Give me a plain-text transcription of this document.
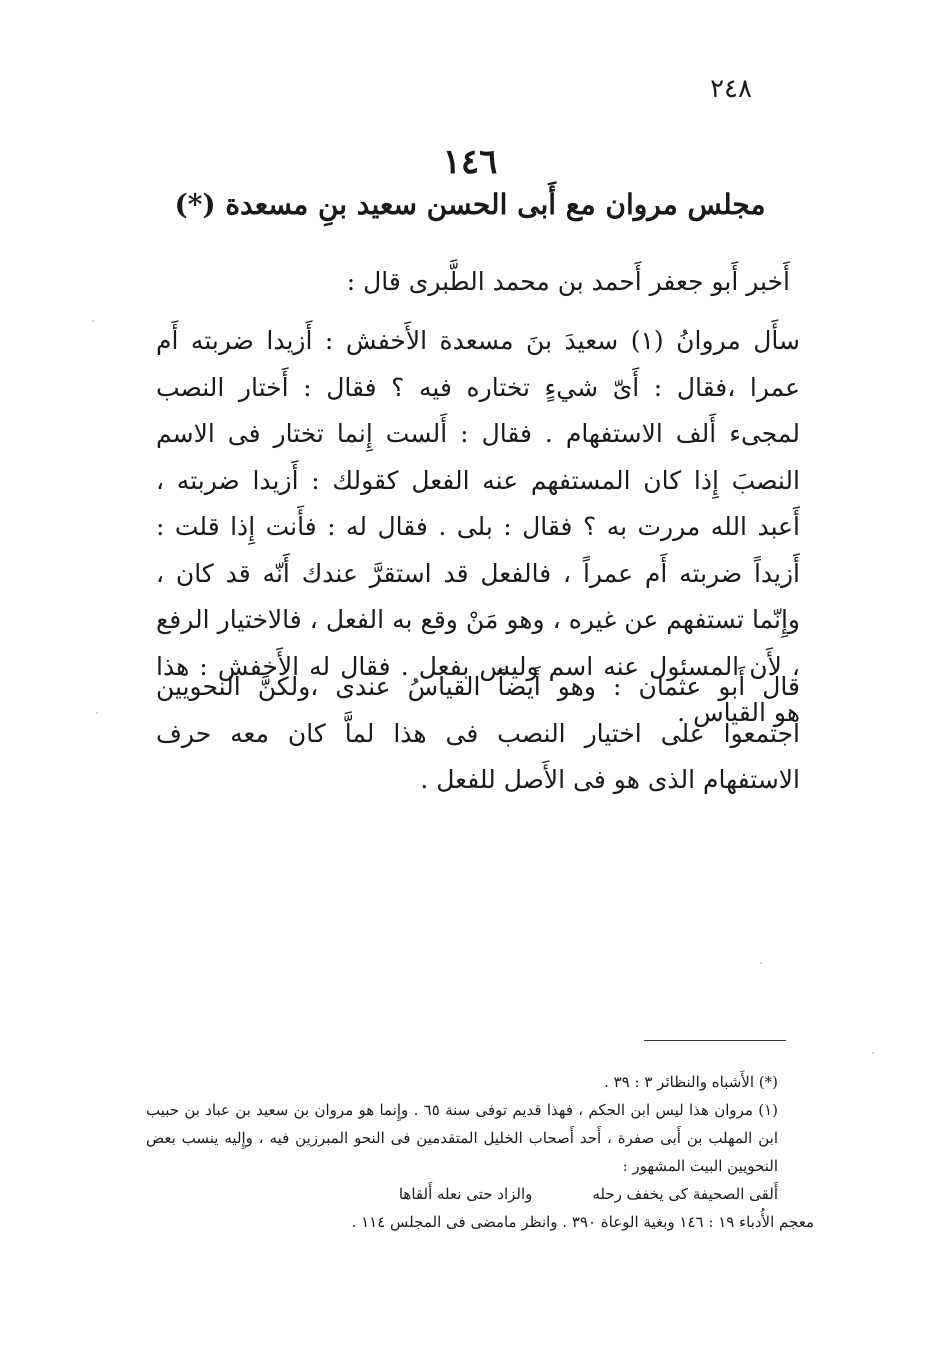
٢٤٨
١٤٦
مجلس مروان مع أَبى الحسن سعيد بنِ مسعدة (*)
أَخبر أَبو جعفر أَحمد بن محمد الطَّبرى قال :
سأَل مروانُ (١) سعيدَ بنَ مسعدة الأَخفش : أَزيدا ضربته أَم عمرا ،فقال : أَىّ شيءٍ تختاره فيه ؟ فقال : أَختار النصب لمجىء أَلف الاستفهام . فقال : أَلست إِنما تختار فى الاسم النصبَ إِذا كان المستفهم عنه الفعل كقولك : أَزيدا ضربته ، أَعبد الله مررت به ؟ فقال : بلى . فقال له : فأَنت إِذا قلت : أَزيداً ضربته أَم عمراً ، فالفعل قد استقرَّ عندك أَنّه قد كان ، وإِنّما تستفهم عن غيره ، وهو مَنْ وقع به الفعل ، فالاختيار الرفع ، لأَن المسئول عنه اسم وليس بفعل . فقال له الأَخفش : هذا هو القياس .
قال أَبو عثمان : وهو أَيضاً القياسُ عندى ،ولكنَّ النحويين اجتمعوا على اختيار النصب فى هذا لماَّ كان معه حرف الاستفهام الذى هو فى الأَصل للفعل .

(*) الأَشباه والنظائر ٣ : ٣٩ .

(١) مروان هذا ليس ابن الحكم ، فهذا قديم توفى سنة ٦٥ . وإِنما هو مروان بن سعيد بن عباد بن حبيب ابن المهلب بن أَبى صفرة ، أَحد أَصحاب الخليل المتقدمين فى النحو المبرزين فيه ، وإِليه ينسب بعض النحويين البيت المشهور :

أَلقى الصحيفة كى يخفف رحله
والزاد حتى نعله أَلقاها

معجم الأُدباء ١٩ : ١٤٦ وبغية الوعاة ٣٩٠ . وانظر مامضى فى المجلس ١١٤ .
